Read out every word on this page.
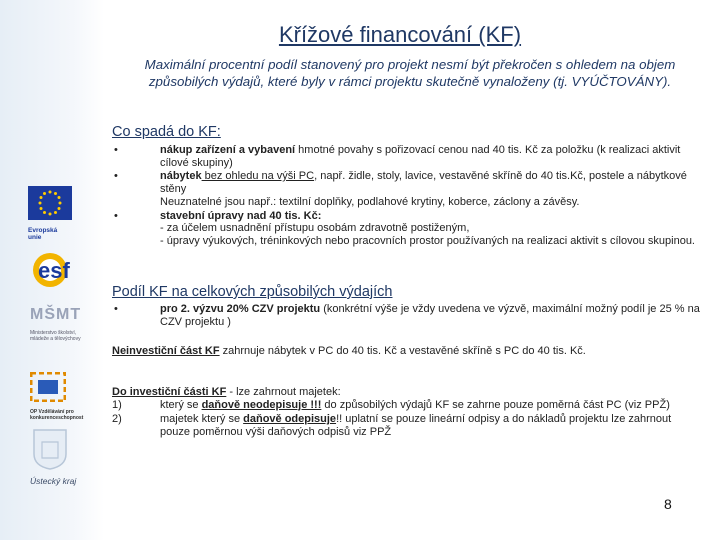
Evropská
unie
esf
MŠMT
Ministerstvo školství, mládeže a tělovýchovy
OP Vzdělávání pro konkurenceschopnost
Ústecký kraj
Křížové financování (KF)
Maximální procentní podíl stanovený pro projekt nesmí být překročen s ohledem na objem způsobilých výdajů, které byly v rámci projektu skutečně vynaloženy (tj. VYÚČTOVÁNY).
Co spadá do KF:
• nákup zařízení a vybavení hmotné povahy s pořizovací cenou nad 40 tis. Kč za položku (k realizaci aktivit cílové skupiny)
• nábytek bez ohledu na výši PC, např. židle, stoly, lavice, vestavěné skříně do 40 tis.Kč, postele a nábytkové stěny
Neuznatelné jsou např.: textilní doplňky, podlahové krytiny, koberce, záclony a závěsy.
• stavební úpravy nad 40 tis. Kč:
- za účelem usnadnění přístupu osobám zdravotně postiženým,
- úpravy výukových, tréninkových nebo pracovních prostor používaných na realizaci aktivit s cílovou skupinou.
Podíl KF na celkových způsobilých výdajích
• pro 2. výzvu 20% CZV projektu (konkrétní výše je vždy uvedena ve výzvě, maximální možný podíl je 25 % na CZV projektu )
Neinvestiční část KF zahrnuje nábytek v PC do 40 tis. Kč a vestavěné skříně s PC do 40 tis. Kč.
Do investiční části KF - lze zahrnout majetek:
1)	který se daňově neodepisuje !!! do způsobilých výdajů KF se zahrne pouze poměrná část PC (viz PPŽ)
2)	majetek který se daňově odepisuje!! uplatní se pouze lineární odpisy a do nákladů projektu lze zahrnout pouze poměrnou výši daňových odpisů viz PPŽ
8
